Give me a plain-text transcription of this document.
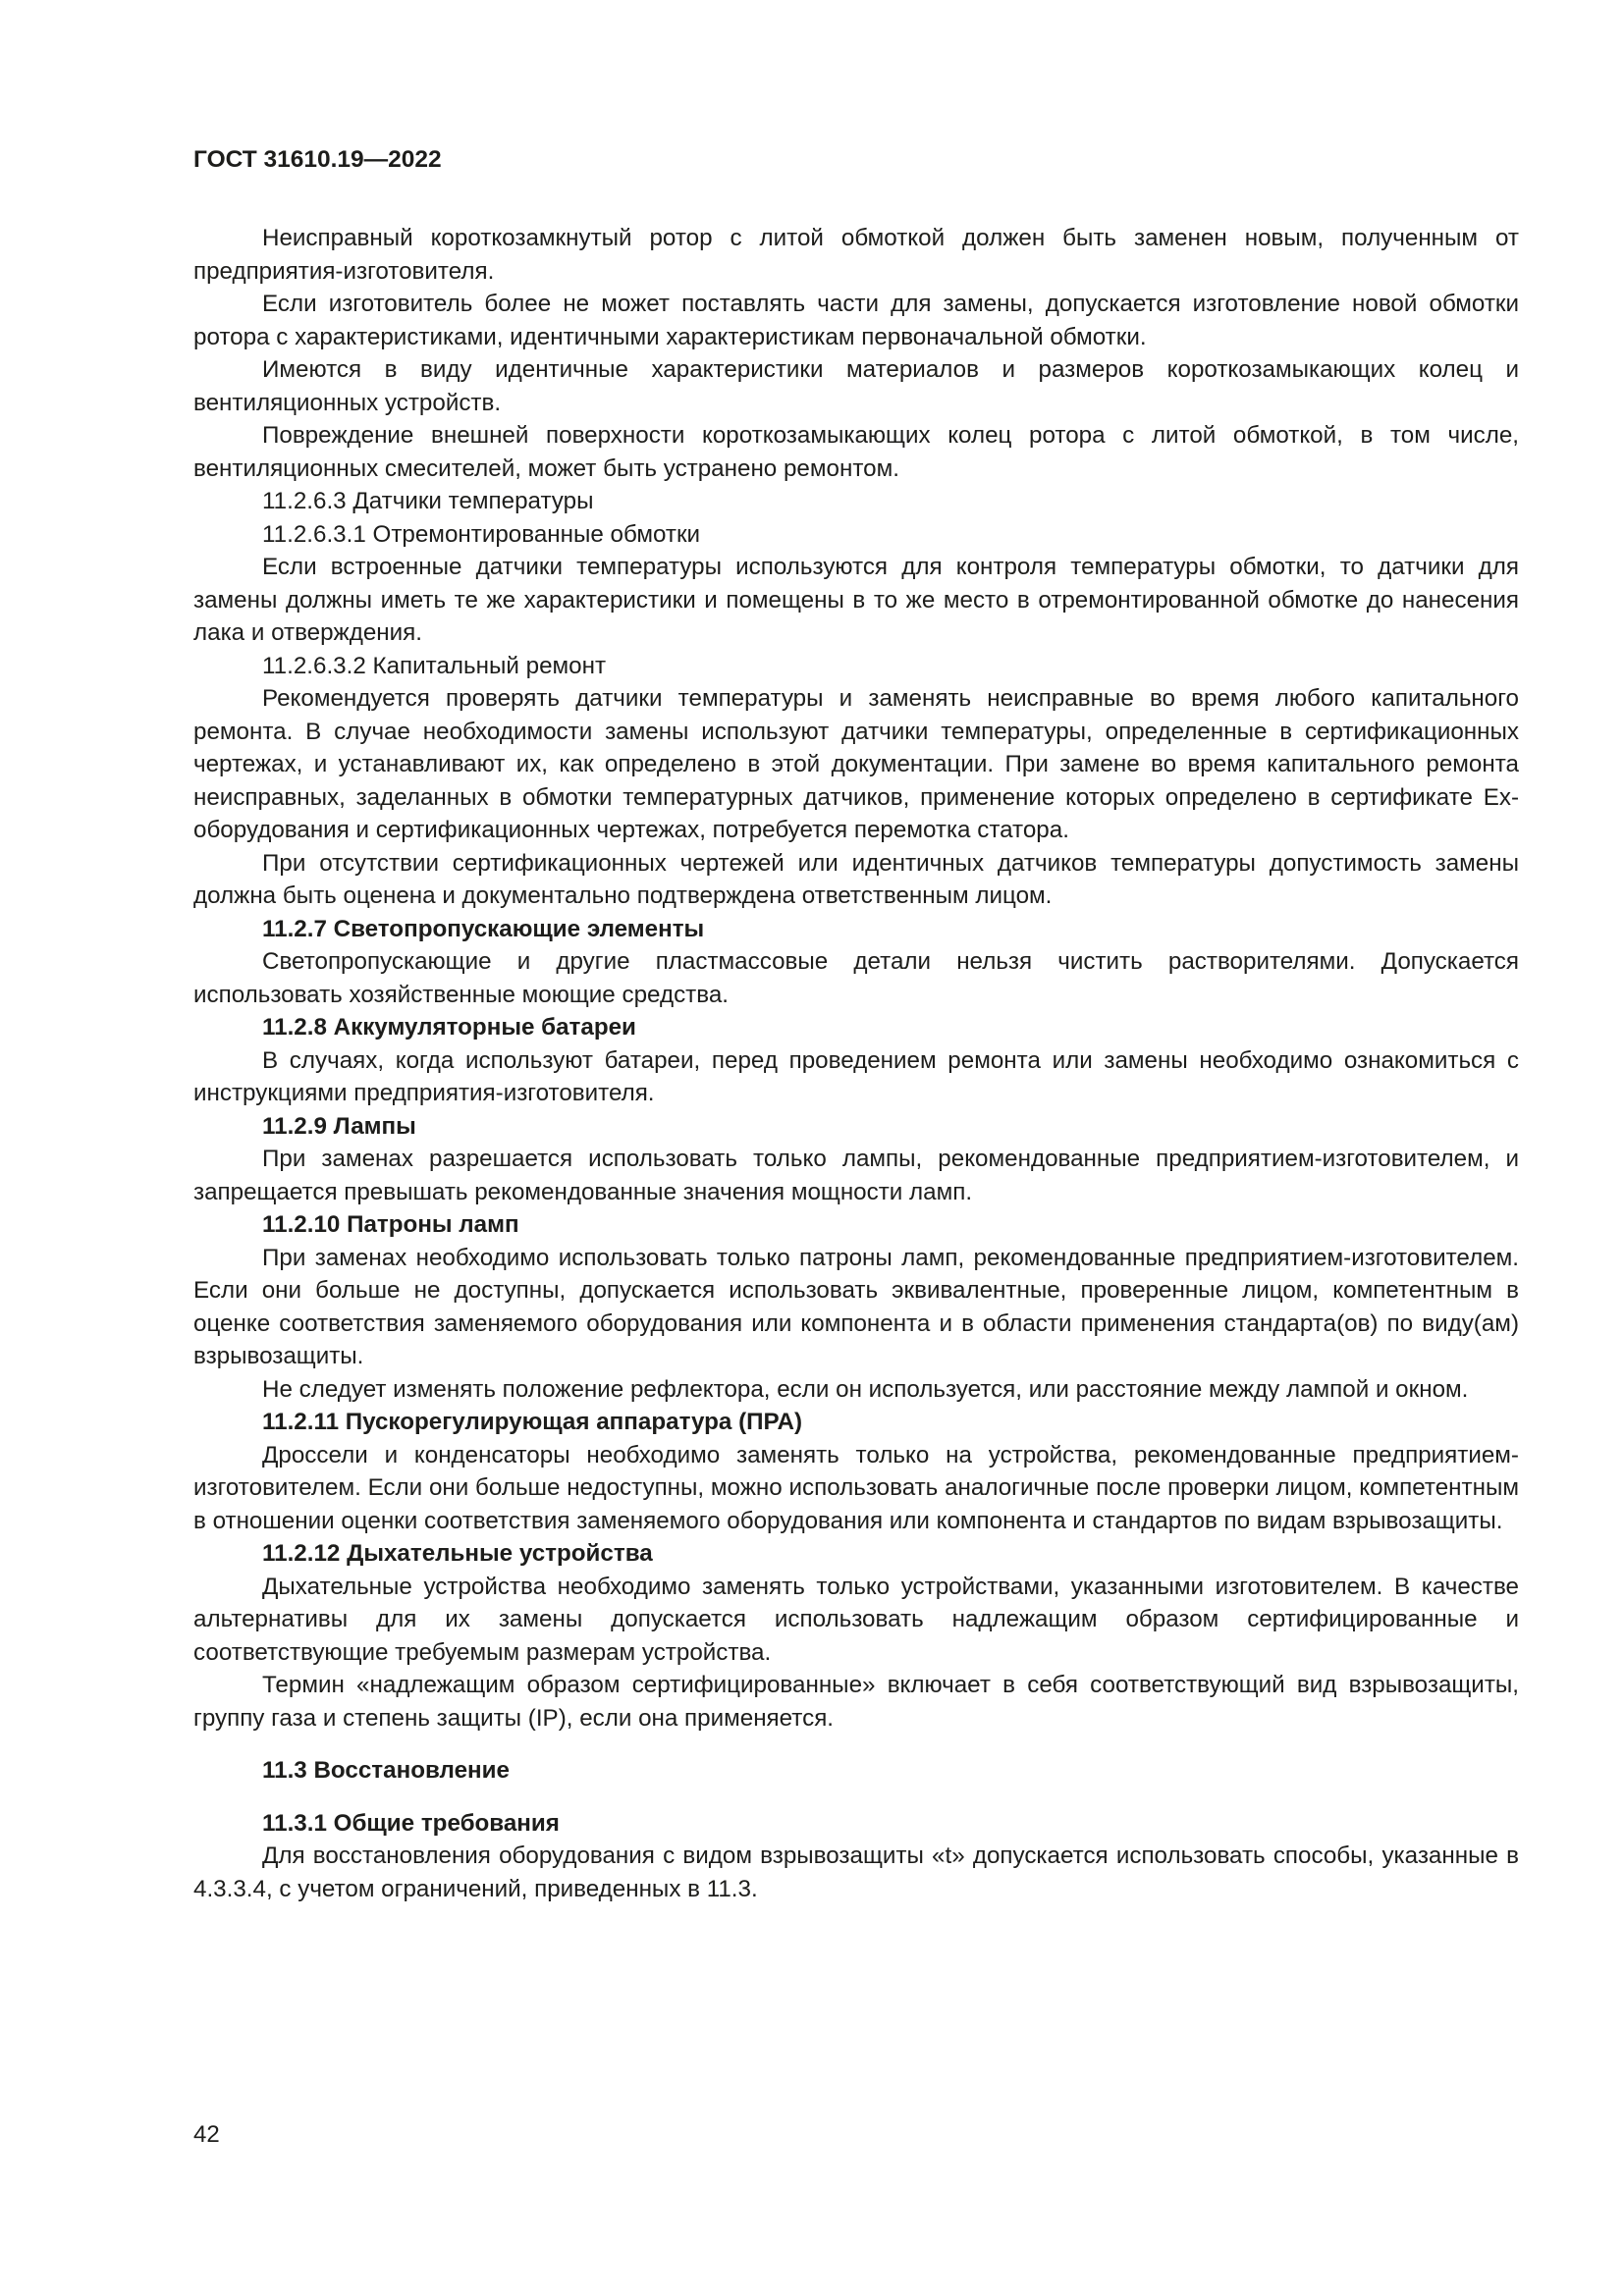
ГОСТ 31610.19—2022

Неисправный короткозамкнутый ротор с литой обмоткой должен быть заменен новым, полученным от предприятия-изготовителя.

Если изготовитель более не может поставлять части для замены, допускается изготовление новой обмотки ротора с характеристиками, идентичными характеристикам первоначальной обмотки.

Имеются в виду идентичные характеристики материалов и размеров короткозамыкающих колец и вентиляционных устройств.

Повреждение внешней поверхности короткозамыкающих колец ротора с литой обмоткой, в том числе, вентиляционных смесителей, может быть устранено ремонтом.

11.2.6.3 Датчики температуры

11.2.6.3.1 Отремонтированные обмотки

Если встроенные датчики температуры используются для контроля температуры обмотки, то датчики для замены должны иметь те же характеристики и помещены в то же место в отремонтированной обмотке до нанесения лака и отверждения.

11.2.6.3.2 Капитальный ремонт

Рекомендуется проверять датчики температуры и заменять неисправные во время любого капитального ремонта. В случае необходимости замены используют датчики температуры, определенные в сертификационных чертежах, и устанавливают их, как определено в этой документации. При замене во время капитального ремонта неисправных, заделанных в обмотки температурных датчиков, применение которых определено в сертификате Ex-оборудования и сертификационных чертежах, потребуется перемотка статора.

При отсутствии сертификационных чертежей или идентичных датчиков температуры допустимость замены должна быть оценена и документально подтверждена ответственным лицом.

11.2.7 Светопропускающие элементы

Светопропускающие и другие пластмассовые детали нельзя чистить растворителями. Допускается использовать хозяйственные моющие средства.

11.2.8 Аккумуляторные батареи

В случаях, когда используют батареи, перед проведением ремонта или замены необходимо ознакомиться с инструкциями предприятия-изготовителя.

11.2.9 Лампы

При заменах разрешается использовать только лампы, рекомендованные предприятием-изготовителем, и запрещается превышать рекомендованные значения мощности ламп.

11.2.10 Патроны ламп

При заменах необходимо использовать только патроны ламп, рекомендованные предприятием-изготовителем. Если они больше не доступны, допускается использовать эквивалентные, проверенные лицом, компетентным в оценке соответствия заменяемого оборудования или компонента и в области применения стандарта(ов) по виду(ам) взрывозащиты.

Не следует изменять положение рефлектора, если он используется, или расстояние между лампой и окном.

11.2.11 Пускорегулирующая аппаратура (ПРА)

Дроссели и конденсаторы необходимо заменять только на устройства, рекомендованные предприятием-изготовителем. Если они больше недоступны, можно использовать аналогичные после проверки лицом, компетентным в отношении оценки соответствия заменяемого оборудования или компонента и стандартов по видам взрывозащиты.

11.2.12 Дыхательные устройства

Дыхательные устройства необходимо заменять только устройствами, указанными изготовителем. В качестве альтернативы для их замены допускается использовать надлежащим образом сертифицированные и соответствующие требуемым размерам устройства.

Термин «надлежащим образом сертифицированные» включает в себя соответствующий вид взрывозащиты, группу газа и степень защиты (IP), если она применяется.

11.3 Восстановление

11.3.1 Общие требования

Для восстановления оборудования с видом взрывозащиты «t» допускается использовать способы, указанные в 4.3.3.4, с учетом ограничений, приведенных в 11.3.

42
